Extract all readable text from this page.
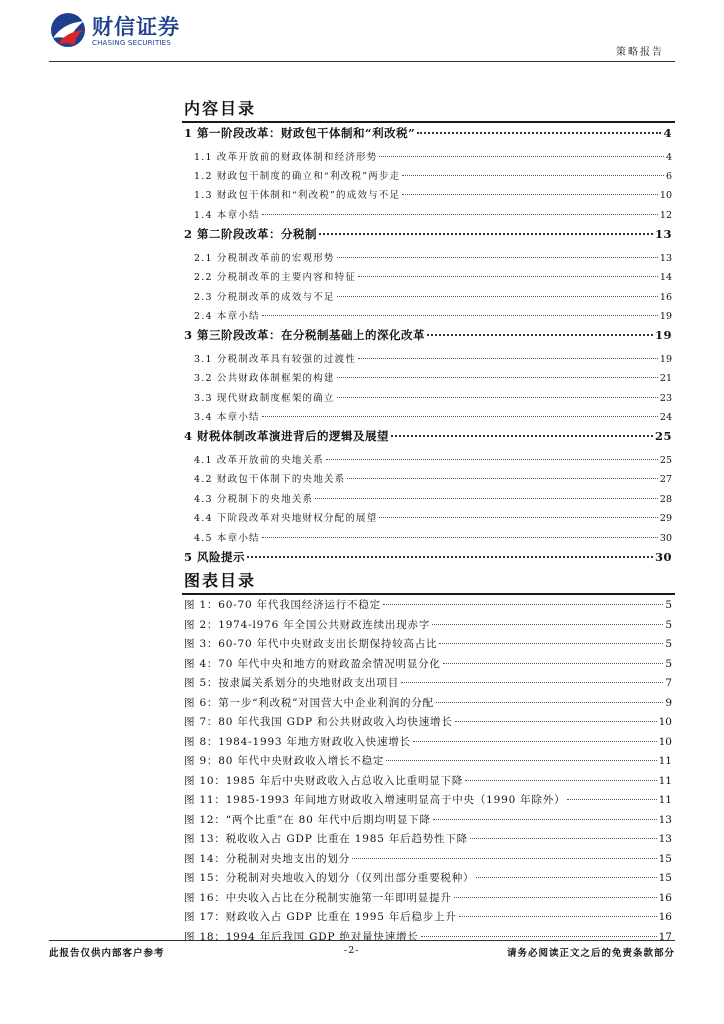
财信证券
CHASING SECURITIES
策略报告
内容目录
1 第一阶段改革：财政包干体制和“利改税”	4
1.1 改革开放前的财政体制和经济形势	4
1.2 财政包干制度的确立和“利改税”两步走	6
1.3 财政包干体制和“利改税”的成效与不足	10
1.4 本章小结	12
2 第二阶段改革：分税制	13
2.1 分税制改革前的宏观形势	13
2.2 分税制改革的主要内容和特征	14
2.3 分税制改革的成效与不足	16
2.4 本章小结	19
3 第三阶段改革：在分税制基础上的深化改革	19
3.1 分税制改革具有较强的过渡性	19
3.2 公共财政体制框架的构建	21
3.3 现代财政制度框架的确立	23
3.4 本章小结	24
4 财税体制改革演进背后的逻辑及展望	25
4.1 改革开放前的央地关系	25
4.2 财政包干体制下的央地关系	27
4.3 分税制下的央地关系	28
4.4 下阶段改革对央地财权分配的展望	29
4.5 本章小结	30
5 风险提示	30
图表目录
图 1：60-70 年代我国经济运行不稳定	5
图 2：1974-l976 年全国公共财政连续出现赤字	5
图 3：60-70 年代中央财政支出长期保持较高占比	5
图 4：70 年代中央和地方的财政盈余情况明显分化	5
图 5：按隶属关系划分的央地财政支出项目	7
图 6：第一步“利改税”对国营大中企业利润的分配	9
图 7：80 年代我国 GDP 和公共财政收入均快速增长	10
图 8：1984-1993 年地方财政收入快速增长	10
图 9：80 年代中央财政收入增长不稳定	11
图 10：1985 年后中央财政收入占总收入比重明显下降	11
图 11：1985-1993 年间地方财政收入增速明显高于中央（1990 年除外）	11
图 12：“两个比重”在 80 年代中后期均明显下降	13
图 13：税收收入占 GDP 比重在 1985 年后趋势性下降	13
图 14：分税制对央地支出的划分	15
图 15：分税制对央地收入的划分（仅列出部分重要税种）	15
图 16：中央收入占比在分税制实施第一年即明显提升	16
图 17：财政收入占 GDP 比重在 1995 年后稳步上升	16
图 18：1994 年后我国 GDP 绝对量快速增长	17
此报告仅供内部客户参考	-2-	请务必阅读正文之后的免责条款部分
